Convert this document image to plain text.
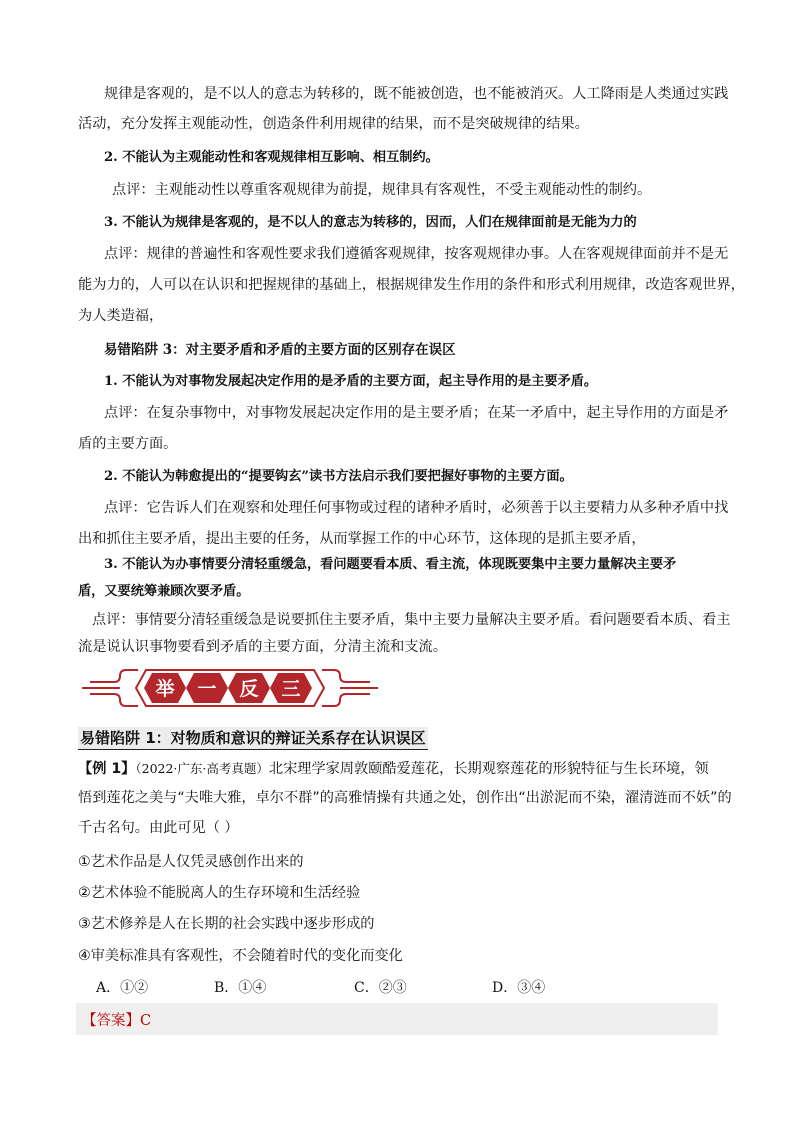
规律是客观的，是不以人的意志为转移的，既不能被创造，也不能被消灭。人工降雨是人类通过实践
活动，充分发挥主观能动性，创造条件利用规律的结果，而不是突破规律的结果。
2. 不能认为主观能动性和客观规律相互影响、相互制约。
点评：主观能动性以尊重客观规律为前提，规律具有客观性，不受主观能动性的制约。
3. 不能认为规律是客观的，是不以人的意志为转移的，因而，人们在规律面前是无能为力的
点评：规律的普遍性和客观性要求我们遵循客观规律，按客观规律办事。人在客观规律面前并不是无
能为力的，人可以在认识和把握规律的基础上，根据规律发生作用的条件和形式利用规律，改造客观世界，
为人类造福，
易错陷阱 3：对主要矛盾和矛盾的主要方面的区别存在误区
1. 不能认为对事物发展起决定作用的是矛盾的主要方面，起主导作用的是主要矛盾。
点评：在复杂事物中，对事物发展起决定作用的是主要矛盾；在某一矛盾中，起主导作用的方面是矛
盾的主要方面。
2. 不能认为韩愈提出的“提要钩玄”读书方法启示我们要把握好事物的主要方面。
点评：它告诉人们在观察和处理任何事物或过程的诸种矛盾时，必须善于以主要精力从多种矛盾中找
出和抓住主要矛盾，提出主要的任务，从而掌握工作的中心环节，这体现的是抓主要矛盾，
3. 不能认为办事情要分清轻重缓急，看问题要看本质、看主流，体现既要集中主要力量解决主要矛
盾，又要统筹兼顾次要矛盾。
点评：事情要分清轻重缓急是说要抓住主要矛盾，集中主要力量解决主要矛盾。看问题要看本质、看主
流是说认识事物要看到矛盾的主要方面，分清主流和支流。
举 一 反 三
易错陷阱 1：对物质和意识的辩证关系存在认识误区
【例 1】（2022·广东·高考真题）北宋理学家周敦颐酷爱莲花，长期观察莲花的形貌特征与生长环境，领
悟到莲花之美与“夫唯大雅，卓尔不群”的高雅情操有共通之处，创作出“出淤泥而不染，濯清涟而不妖”的
千古名句。由此可见（ ）
①艺术作品是人仅凭灵感创作出来的
②艺术体验不能脱离人的生存环境和生活经验
③艺术修养是人在长期的社会实践中逐步形成的
④审美标准具有客观性，不会随着时代的变化而变化
A．①②	B．①④	C．②③	D．③④
【答案】C
